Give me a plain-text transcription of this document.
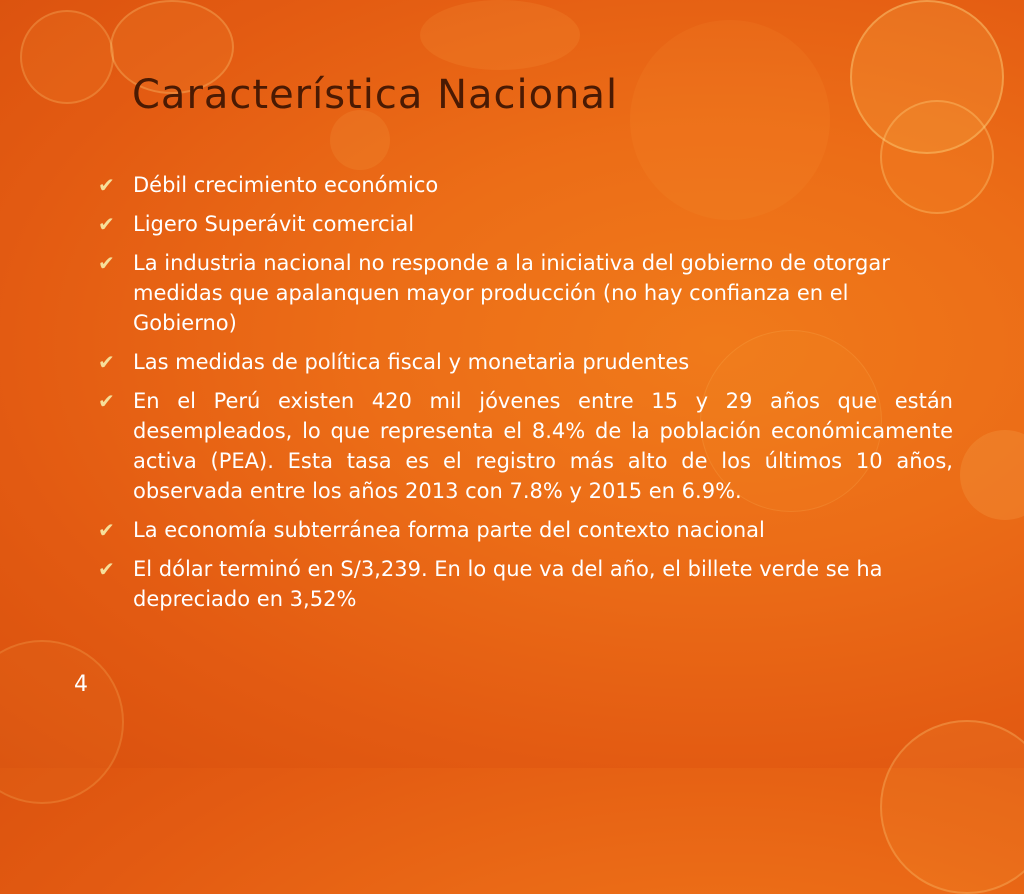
Característica Nacional
✔ Débil crecimiento económico
✔ Ligero Superávit comercial
✔ La industria nacional no responde a la iniciativa del gobierno de otorgar medidas que apalanquen mayor producción (no hay confianza en el Gobierno)
✔ Las medidas de política fiscal y monetaria prudentes
✔ En el Perú existen 420 mil jóvenes entre 15 y 29 años que están desempleados, lo que representa el 8.4% de la población económicamente activa (PEA). Esta tasa es el registro más alto de los últimos 10 años, observada entre los años 2013 con 7.8% y 2015 en 6.9%.
✔ La economía subterránea forma parte del contexto nacional
✔ El dólar terminó en S/3,239. En lo que va del año, el billete verde se ha depreciado en 3,52%
4
